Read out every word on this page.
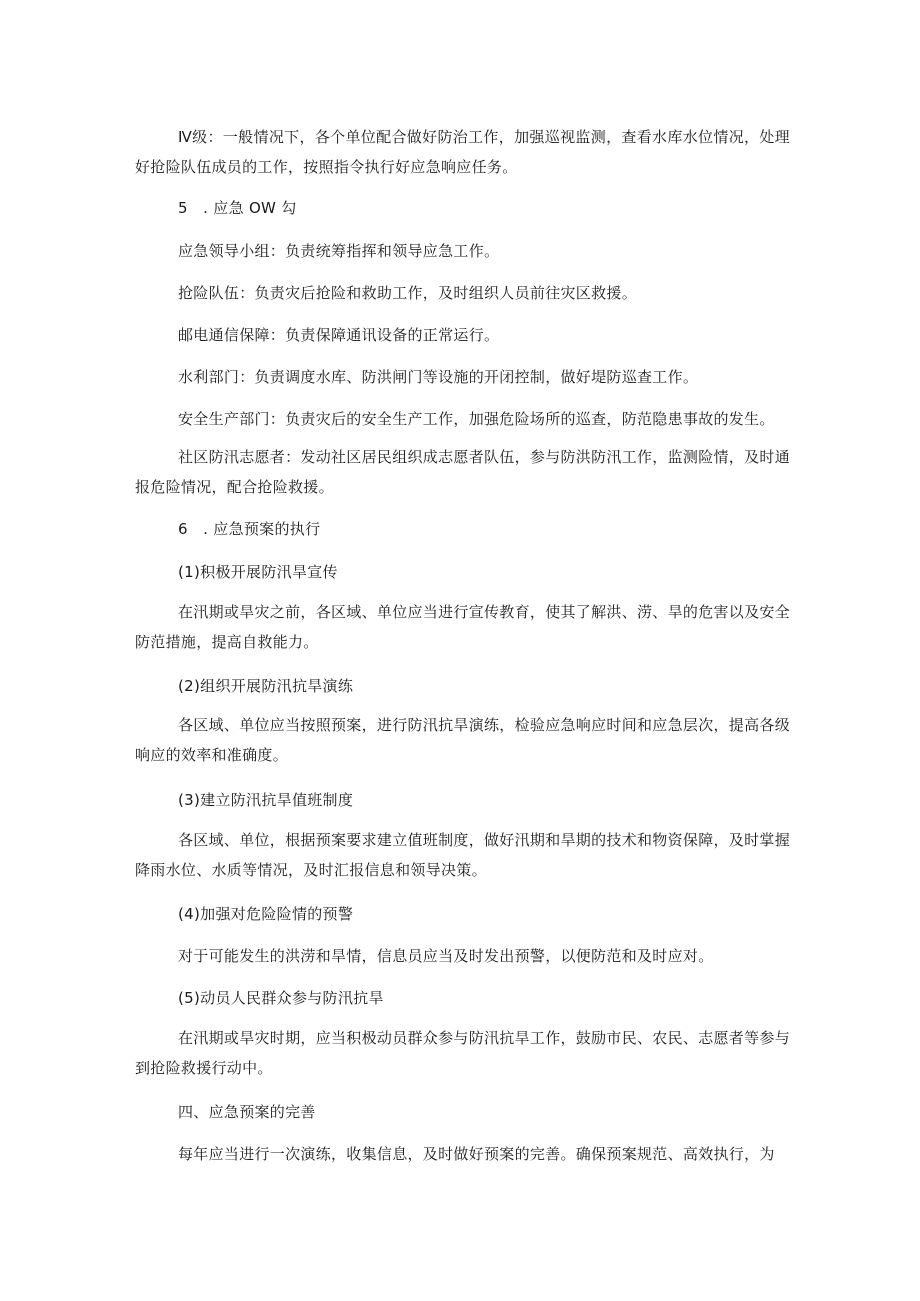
Ⅳ级：一般情况下，各个单位配合做好防治工作，加强巡视监测，查看水库水位情况，处理好抢险队伍成员的工作，按照指令执行好应急响应任务。

5　. 应急 OW 勾

应急领导小组：负责统筹指挥和领导应急工作。

抢险队伍：负责灾后抢险和救助工作，及时组织人员前往灾区救援。

邮电通信保障：负责保障通讯设备的正常运行。

水利部门：负责调度水库、防洪闸门等设施的开闭控制，做好堤防巡查工作。

安全生产部门：负责灾后的安全生产工作，加强危险场所的巡查，防范隐患事故的发生。

社区防汛志愿者：发动社区居民组织成志愿者队伍，参与防洪防汛工作，监测险情，及时通报危险情况，配合抢险救援。

6　. 应急预案的执行

(1)积极开展防汛旱宣传

在汛期或旱灾之前，各区域、单位应当进行宣传教育，使其了解洪、涝、旱的危害以及安全防范措施，提高自救能力。

(2)组织开展防汛抗旱演练

各区域、单位应当按照预案，进行防汛抗旱演练，检验应急响应时间和应急层次，提高各级响应的效率和准确度。

(3)建立防汛抗旱值班制度

各区域、单位，根据预案要求建立值班制度，做好汛期和旱期的技术和物资保障，及时掌握降雨水位、水质等情况，及时汇报信息和领导决策。

(4)加强对危险险情的预警

对于可能发生的洪涝和旱情，信息员应当及时发出预警，以便防范和及时应对。

(5)动员人民群众参与防汛抗旱

在汛期或旱灾时期，应当积极动员群众参与防汛抗旱工作，鼓励市民、农民、志愿者等参与到抢险救援行动中。

四、应急预案的完善

每年应当进行一次演练，收集信息，及时做好预案的完善。确保预案规范、高效执行，为
